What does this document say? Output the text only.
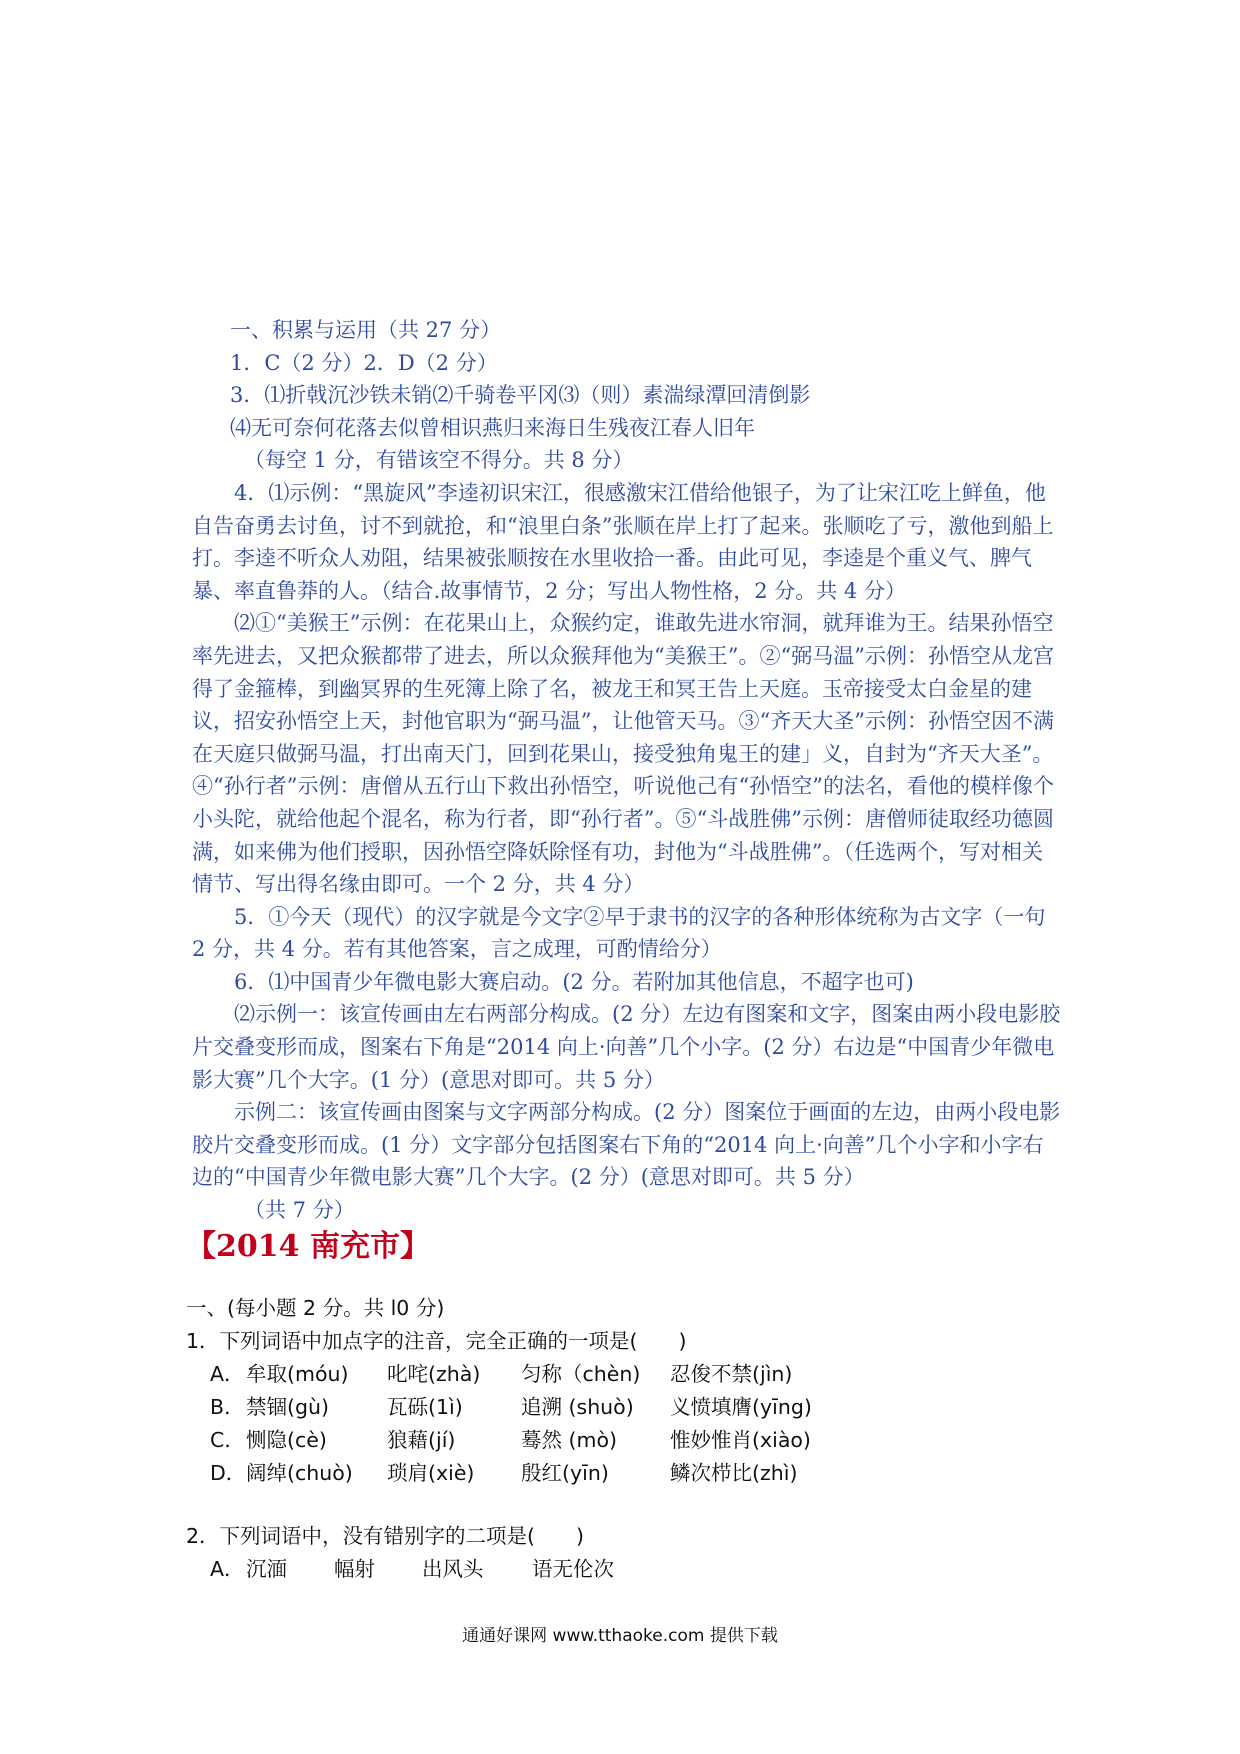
一、积累与运用（共 27 分）

1．C（2 分）2．D（2 分）

3．⑴折戟沉沙铁未销⑵千骑卷平冈⑶（则）素湍绿潭回清倒影

⑷无可奈何花落去似曾相识燕归来海日生残夜江春人旧年

（每空 1 分，有错该空不得分。共 8 分）

4．⑴示例：“黑旋风”李逵初识宋江，很感激宋江借给他银子，为了让宋江吃上鲜鱼，他自告奋勇去讨鱼，讨不到就抢，和“浪里白条”张顺在岸上打了起来。张顺吃了亏，激他到船上打。李逵不听众人劝阻，结果被张顺按在水里收拾一番。由此可见，李逵是个重义气、脾气暴、率直鲁莽的人。（结合.故事情节，2 分；写出人物性格，2 分。共 4 分）

⑵①“美猴王”示例：在花果山上，众猴约定，谁敢先进水帘洞，就拜谁为王。结果孙悟空率先进去，又把众猴都带了进去，所以众猴拜他为“美猴王”。②“弼马温”示例：孙悟空从龙宫得了金箍棒，到幽冥界的生死簿上除了名，被龙王和冥王告上天庭。玉帝接受太白金星的建议，招安孙悟空上天，封他官职为“弼马温”，让他管天马。③“齐天大圣”示例：孙悟空因不满在天庭只做弼马温，打出南天门，回到花果山，接受独角鬼王的建」义，自封为“齐天大圣”。④“孙行者”示例：唐僧从五行山下救出孙悟空，听说他己有“孙悟空”的法名，看他的模样像个小头陀，就给他起个混名，称为行者，即“孙行者”。⑤“斗战胜佛”示例：唐僧师徒取经功德圆满，如来佛为他们授职，因孙悟空降妖除怪有功，封他为“斗战胜佛”。（任选两个，写对相关情节、写出得名缘由即可。一个 2 分，共 4 分）

5．①今天（现代）的汉字就是今文字②早于隶书的汉字的各种形体统称为古文字（一句 2 分，共 4 分。若有其他答案，言之成理，可酌情给分）

6．⑴中国青少年微电影大赛启动。(2 分。若附加其他信息，不超字也可)

⑵示例一：该宣传画由左右两部分构成。(2 分）左边有图案和文字，图案由两小段电影胶片交叠变形而成，图案右下角是“2014 向上·向善”几个小字。(2 分）右边是“中国青少年微电影大赛”几个大字。(1 分）(意思对即可。共 5 分）

示例二：该宣传画由图案与文字两部分构成。(2 分）图案位于画面的左边，由两小段电影胶片交叠变形而成。(1 分）文字部分包括图案右下角的“2014 向上·向善”几个小字和小字右边的“中国青少年微电影大赛”几个大字。(2 分）(意思对即可。共 5 分）

（共 7 分）

【2014 南充市】

一、(每小题 2 分。共 l0 分)

1．下列词语中加点字的注音，完全正确的一项是(　　)

A． 牟取(móu)	叱咤(zhà)	匀称（chèn)	忍俊不禁(jìn)
B． 禁锢(gù)	瓦砾(1ì)	追溯 (shuò)	义愤填膺(yīng)
C． 恻隐(cè)	狼藉(jí)	蓦然 (mò)	惟妙惟肖(xiào)
D． 阔绰(chuò)	琐肩(xiè)	殷红(yīn)	鳞次栉比(zhì)

2．下列词语中，没有错别字的二项是(　　)

A． 沉湎	幅射	出风头	语无伦次
通通好课网 www.tthaoke.com 提供下载
